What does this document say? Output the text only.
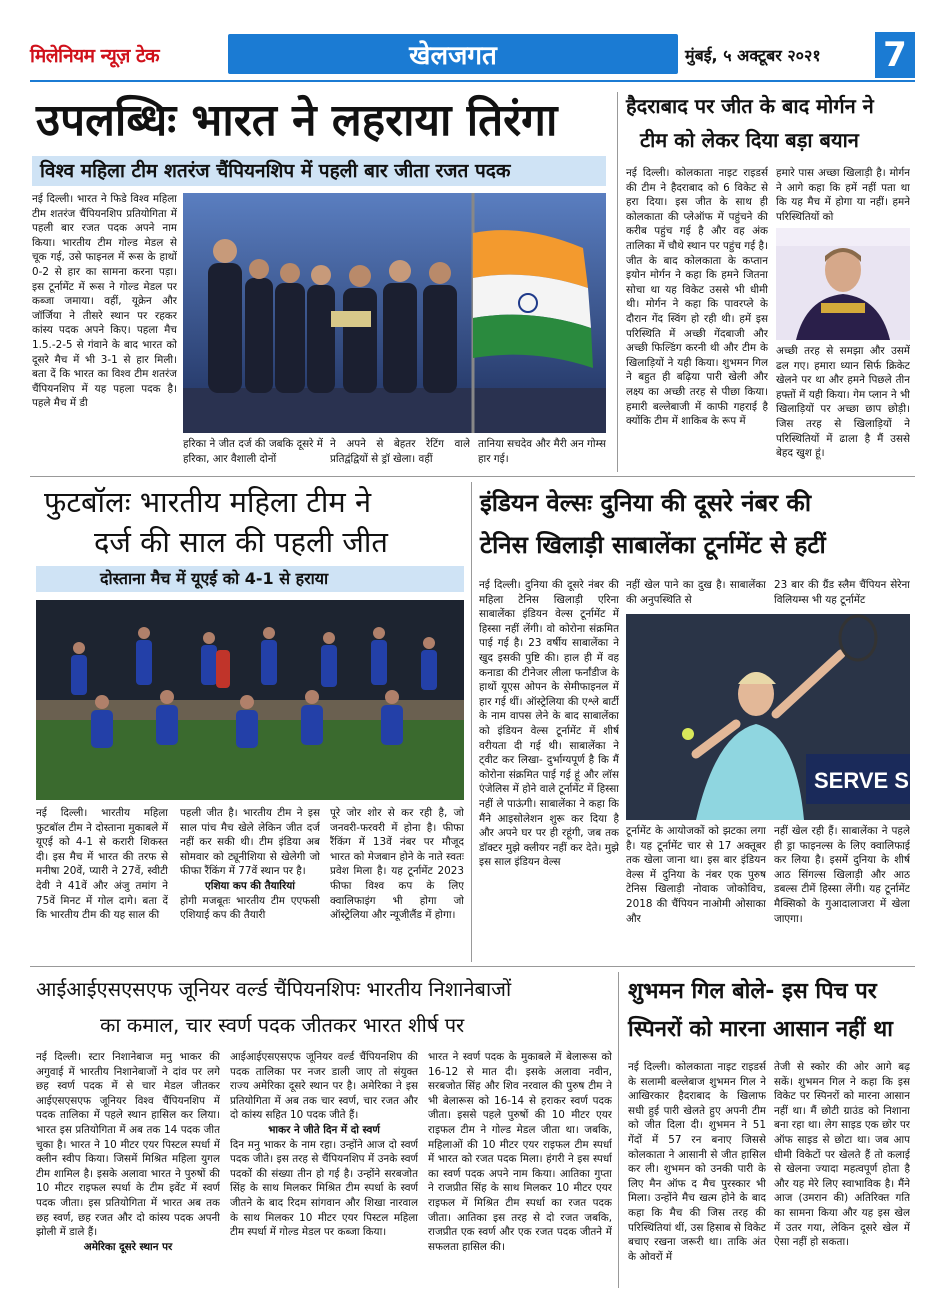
मिलेनियम न्यूज़ टेक	खेलजगत	मुंबई, ५ अक्टूबर २०२१ 7
उपलब्धिः भारत ने लहराया तिरंगा
विश्व महिला टीम शतरंज चैंपियनशिप में पहली बार जीता रजत पदक
नई दिल्ली। भारत ने फिडे विश्व महिला टीम शतरंज चैंपियनशिप प्रतियोगिता में पहली बार रजत पदक अपने नाम किया। भारतीय टीम गोल्ड मेडल से चूक गई, उसे फाइनल में रूस के हाथों 0-2 से हार का सामना करना पड़ा। इस टूर्नामेंट में रूस ने गोल्ड मेडल पर कब्जा जमाया। वहीं, यूक्रेन और जॉर्जिया ने तीसरे स्थान पर रहकर कांस्य पदक अपने किए। पहला मैच 1.5.-2-5 से गंवाने के बाद भारत को दूसरे मैच में भी 3-1 से हार मिली। बता दें कि भारत का विश्व टीम शतरंज चैंपियनशिप में यह पहला पदक है। पहले मैच में डी
हरिका ने जीत दर्ज की जबकि दूसरे में हरिका, आर वैशाली दोनों
ने अपने से बेहतर रेटिंग वाले प्रतिद्वंद्वियों से ड्रॉ खेला। वहीं
तानिया सचदेव और मैरी अन गोम्स हार गई।
हैदराबाद पर जीत के बाद मोर्गन ने
टीम को लेकर दिया बड़ा बयान
नई दिल्ली। कोलकाता नाइट राइडर्स की टीम ने हैदराबाद को 6 विकेट से हरा दिया। इस जीत के साथ ही कोलकाता की प्लेऑफ में पहुंचने की करीब पहुंच गई है और वह अंक तालिका में चौथे स्थान पर पहुंच गई है। जीत के बाद कोलकाता के कप्तान इयोन मोर्गन ने कहा कि हमने जितना सोचा था यह विकेट उससे भी धीमी थी। मोर्गन ने कहा कि पावरप्ले के दौरान गेंद स्विंग हो रही थी। हमें इस परिस्थिति में अच्छी गेंदबाजी और अच्छी फिल्डिंग करनी थी और टीम के खिलाड़ियों ने यही किया। शुभमन गिल ने बहुत ही बढ़िया पारी खेली और लक्ष्य का अच्छी तरह से पीछा किया। हमारी बल्लेबाजी में काफी गहराई है क्योंकि टीम में शाकिब के रूप में
हमारे पास अच्छा खिलाड़ी है। मोर्गन ने आगे कहा कि हमें नहीं पता था कि यह मैच में होगा या नहीं। हमने परिस्थितियों को
अच्छी तरह से समझा और उसमें ढल गए। हमारा ध्यान सिर्फ क्रिकेट खेलने पर था और हमने पिछले तीन हफ्तों में यही किया। गेम प्लान ने भी खिलाड़ियों पर अच्छा छाप छोड़ी। जिस तरह से खिलाड़ियों ने परिस्थितियों में ढाला है मैं उससे बेहद खुश हूं।
फुटबॉलः भारतीय महिला टीम ने
दर्ज की साल की पहली जीत
दोस्ताना मैच में यूएई को 4-1 से हराया
नई दिल्ली। भारतीय महिला फुटबॉल टीम ने दोस्ताना मुकाबले में यूएई को 4-1 से करारी शिकस्त दी। इस मैच में भारत की तरफ से मनीषा 20वें, प्यारी ने 27वें, स्वीटी देवी ने 41वें और अंजु तमांग ने 75वें मिनट में गोल दागे। बता दें कि भारतीय टीम की यह साल की
पहली जीत है। भारतीय टीम ने इस साल पांच मैच खेले लेकिन जीत दर्ज नहीं कर सकी थी। टीम इंडिया अब सोमवार को ट्यूनीशिया से खेलेगी जो फीफा रैंकिंग में 77वें स्थान पर है।
एशिया कप की तैयारियां
होगी मजबूतः भारतीय टीम एएफसी एशियाई कप की तैयारी
पूरे जोर शोर से कर रही है, जो जनवरी-फरवरी में होना है। फीफा रैंकिंग में 13वें नंबर पर मौजूद भारत को मेजबान होने के नाते स्वतः प्रवेश मिला है। यह टूर्नामेंट 2023 फीफा विश्व कप के लिए क्वालिफाइंग भी होगा जो ऑस्ट्रेलिया और न्यूजीलैंड में होगा।
इंडियन वेल्सः दुनिया की दूसरे नंबर की
टेनिस खिलाड़ी साबालेंका टूर्नामेंट से हटीं
नई दिल्ली। दुनिया की दूसरे नंबर की महिला टेनिस खिलाड़ी एरिना साबालेंका इंडियन वेल्स टूर्नामेंट में हिस्सा नहीं लेंगी। वो कोरोना संक्रमित पाई गई है। 23 वर्षीय साबालेंका ने खुद इसकी पुष्टि की। हाल ही में वह कनाडा की टीनेजर लीला फर्नांडीज के हाथों यूएस ओपन के सेमीफाइनल में हार गई थीं। ऑस्ट्रेलिया की एश्ले बार्टी के नाम वापस लेने के बाद साबालेंका को इंडियन वेल्स टूर्नामेंट में शीर्ष वरीयता दी गई थी। साबालेंका ने ट्वीट कर लिखा- दुर्भाग्यपूर्ण है कि मैं कोरोना संक्रमित पाई गई हूं और लॉस एंजेलिस में होने वाले टूर्नामेंट में हिस्सा नहीं ले पाऊंगी। साबालेंका ने कहा कि मैंने आइसोलेशन शुरू कर दिया है और अपने घर पर ही रहूंगी, जब तक डॉक्टर मुझे क्लीयर नहीं कर देते। मुझे इस साल इंडियन वेल्स
नहीं खेल पाने का दुख है। साबालेंका की अनुपस्थिति से
23 बार की ग्रैंड स्लैम चैंपियन सेरेना विलियम्स भी यह टूर्नामेंट
SERVE S
टूर्नामेंट के आयोजकों को झटका लगा है। यह टूर्नामेंट चार से 17 अक्तूबर तक खेला जाना था। इस बार इंडियन वेल्स में दुनिया के नंबर एक पुरुष टेनिस खिलाड़ी नोवाक जोकोविच, 2018 की चैंपियन नाओमी ओसाका और
नहीं खेल रही हैं। साबालेंका ने पहले ही ड्रा फाइनल्स के लिए क्वालिफाई कर लिया है। इसमें दुनिया के शीर्ष आठ सिंगल्स खिलाड़ी और आठ डबल्स टीमें हिस्सा लेंगी। यह टूर्नामेंट मैक्सिको के गुआदालाजरा में खेला जाएगा।
आईआईएसएसएफ जूनियर वर्ल्ड चैंपियनशिपः भारतीय निशानेबाजों
का कमाल, चार स्वर्ण पदक जीतकर भारत शीर्ष पर
नई दिल्ली। स्टार निशानेबाज मनु भाकर की अगुवाई में भारतीय निशानेबाजों ने दांव पर लगे छह स्वर्ण पदक में से चार मेडल जीतकर आईएसएसएफ जूनियर विश्व चैंपियनशिप में पदक तालिका में पहले स्थान हासिल कर लिया। भारत इस प्रतियोगिता में अब तक 14 पदक जीत चुका है। भारत ने 10 मीटर एयर पिस्टल स्पर्धा में क्लीन स्वीप किया। जिसमें मिश्रित महिला युगल टीम शामिल है। इसके अलावा भारत ने पुरुषों की 10 मीटर राइफल स्पर्धा के टीम इवेंट में स्वर्ण पदक जीता। इस प्रतियोगिता में भारत अब तक छह स्वर्ण, छह रजत और दो कांस्य पदक अपनी झोली में डाले हैं।
अमेरिका दूसरे स्थान पर
आईआईएसएसएफ जूनियर वर्ल्ड चैंपियनशिप की पदक तालिका पर नजर डाली जाए तो संयुक्त राज्य अमेरिका दूसरे स्थान पर है। अमेरिका ने इस प्रतियोगिता में अब तक चार स्वर्ण, चार रजत और दो कांस्य सहित 10 पदक जीते हैं।
भाकर ने जीते दिन में दो स्वर्ण
दिन मनु भाकर के नाम रहा। उन्होंने आज दो स्वर्ण पदक जीते। इस तरह से चैंपियनशिप में उनके स्वर्ण पदकों की संख्या तीन हो गई है। उन्होंने सरबजोत सिंह के साथ मिलकर मिश्रित टीम स्पर्धा के स्वर्ण जीतने के बाद रिदम सांगवान और शिखा नारवाल के साथ मिलकर 10 मीटर एयर पिस्टल महिला टीम स्पर्धा में गोल्ड मेडल पर कब्जा किया।
भारत ने स्वर्ण पदक के मुकाबले में बेलारूस को 16-12 से मात दी। इसके अलावा नवीन, सरबजोत सिंह और शिव नरवाल की पुरुष टीम ने भी बेलारूस को 16-14 से हराकर स्वर्ण पदक जीता। इससे पहले पुरुषों की 10 मीटर एयर राइफल टीम ने गोल्ड मेडल जीता था। जबकि, महिलाओं की 10 मीटर एयर राइफल टीम स्पर्धा में भारत को रजत पदक मिला। हंगरी ने इस स्पर्धा का स्वर्ण पदक अपने नाम किया। आतिका गुप्ता ने राजप्रीत सिंह के साथ मिलकर 10 मीटर एयर राइफल में मिश्रित टीम स्पर्धा का रजत पदक जीता। आतिका इस तरह से दो रजत जबकि, राजप्रीत एक स्वर्ण और एक रजत पदक जीतने में सफलता हासिल की।
शुभमन गिल बोले- इस पिच पर
स्पिनरों को मारना आसान नहीं था
नई दिल्ली। कोलकाता नाइट राइडर्स के सलामी बल्लेबाज शुभमन गिल ने आखिरकार हैदराबाद के खिलाफ सधी हुई पारी खेलते हुए अपनी टीम को जीत दिला दी। शुभमन ने 51 गेंदों में 57 रन बनाए जिससे कोलकाता ने आसानी से जीत हासिल कर ली। शुभमन को उनकी पारी के लिए मैन ऑफ द मैच पुरस्कार भी मिला। उन्होंने मैच खत्म होने के बाद कहा कि मैच की जिस तरह की परिस्थितियां थीं, उस हिसाब से विकेट बचाए रखना जरूरी था। ताकि अंत के ओवरों में
तेजी से स्कोर की ओर आगे बढ़ सकें। शुभमन गिल ने कहा कि इस विकेट पर स्पिनरों को मारना आसान नहीं था। मैं छोटी ग्राउंड को निशाना बना रहा था। लेग साइड एक छोर पर ऑफ साइड से छोटा था। जब आप धीमी विकेटों पर खेलते हैं तो कलाई से खेलना ज्यादा महत्वपूर्ण होता है और यह मेरे लिए स्वाभाविक है। मैंने आज (उमरान की) अतिरिक्त गति का सामना किया और यह इस खेल में उतर गया, लेकिन दूसरे खेल में ऐसा नहीं हो सकता।
